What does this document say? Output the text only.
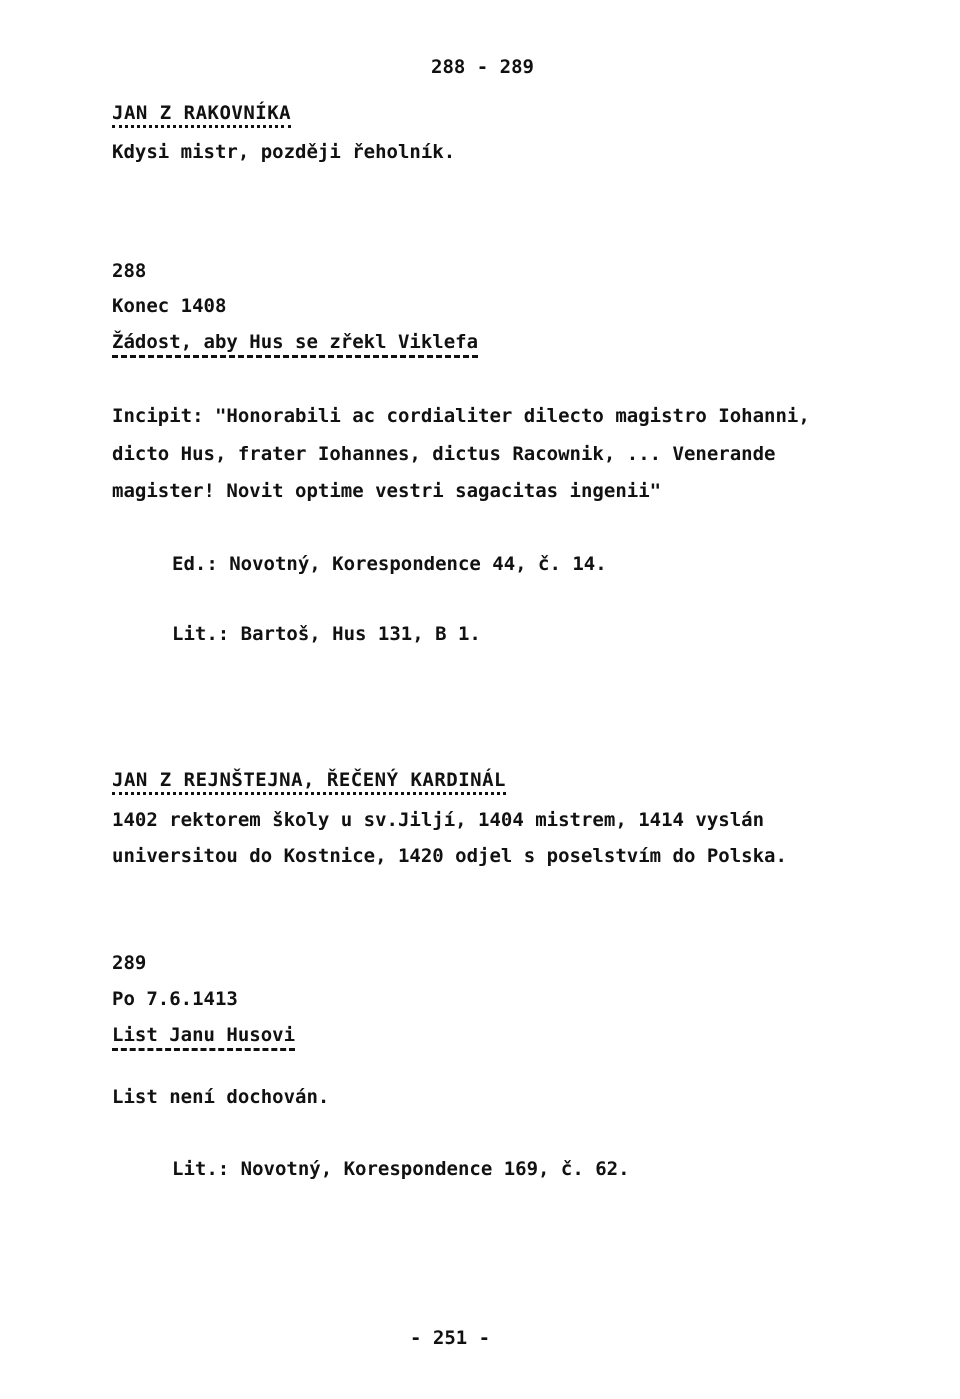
288 - 289
JAN Z RAKOVNÍKA
Kdysi mistr, později řeholník.
288
Konec 1408
Žádost, aby Hus se zřekl Viklefa
Incipit: "Honorabili ac cordialiter dilecto magistro Iohanni,
dicto Hus, frater Iohannes, dictus Racownik, ... Venerande
magister! Novit optime vestri sagacitas ingenii"
Ed.: Novotný, Korespondence 44, č. 14.
Lit.: Bartoš, Hus 131, B 1.
JAN Z REJNŠTEJNA, ŘEČENÝ KARDINÁL
1402 rektorem školy u sv.Jiljí, 1404 mistrem, 1414 vyslán
universitou do Kostnice, 1420 odjel s poselstvím do Polska.
289
Po 7.6.1413
List Janu Husovi
List není dochován.
Lit.: Novotný, Korespondence 169, č. 62.
- 251 -
